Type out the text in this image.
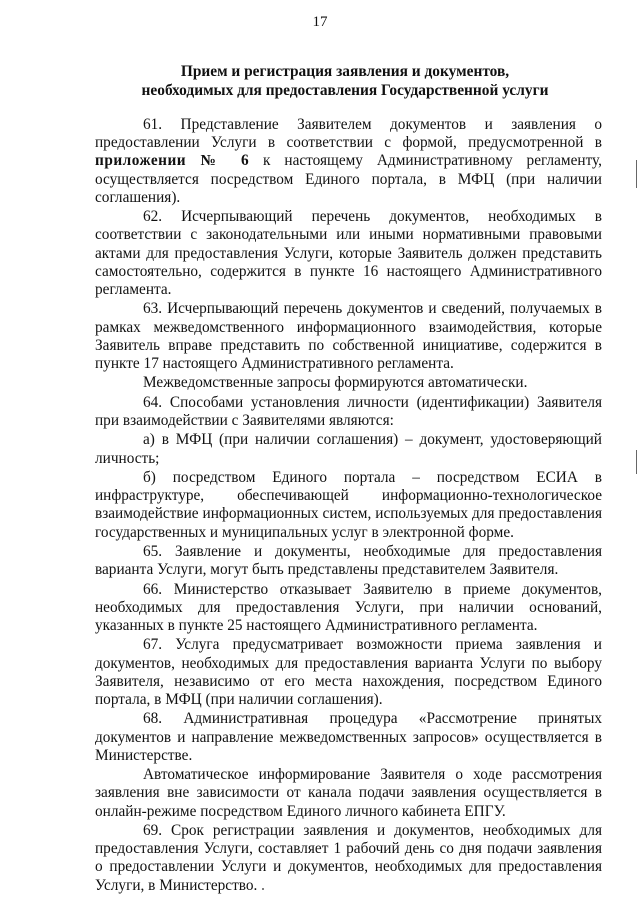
17
Прием и регистрация заявления и документов,
необходимых для предоставления Государственной услуги

61. Представление Заявителем документов и заявления о предоставлении Услуги в соответствии с формой, предусмотренной в приложении № 6 к настоящему Административному регламенту, осуществляется посредством Единого портала, в МФЦ (при наличии соглашения).

62. Исчерпывающий перечень документов, необходимых в соответствии с законодательными или иными нормативными правовыми актами для предоставления Услуги, которые Заявитель должен представить самостоятельно, содержится в пункте 16 настоящего Административного регламента.

63. Исчерпывающий перечень документов и сведений, получаемых в рамках межведомственного информационного взаимодействия, которые Заявитель вправе представить по собственной инициативе, содержится в пункте 17 настоящего Административного регламента.

Межведомственные запросы формируются автоматически.

64. Способами установления личности (идентификации) Заявителя при взаимодействии с Заявителями являются:

а) в МФЦ (при наличии соглашения) – документ, удостоверяющий личность;

б) посредством Единого портала – посредством ЕСИА в инфраструктуре, обеспечивающей информационно-технологическое взаимодействие информационных систем, используемых для предоставления государственных и муниципальных услуг в электронной форме.

65. Заявление и документы, необходимые для предоставления варианта Услуги, могут быть представлены представителем Заявителя.

66. Министерство отказывает Заявителю в приеме документов, необходимых для предоставления Услуги, при наличии оснований, указанных в пункте 25 настоящего Административного регламента.

67. Услуга предусматривает возможности приема заявления и документов, необходимых для предоставления варианта Услуги по выбору Заявителя, независимо от его места нахождения, посредством Единого портала, в МФЦ (при наличии соглашения).

68. Административная процедура «Рассмотрение принятых документов и направление межведомственных запросов» осуществляется в Министерстве.

Автоматическое информирование Заявителя о ходе рассмотрения заявления вне зависимости от канала подачи заявления осуществляется в онлайн-режиме посредством Единого личного кабинета ЕПГУ.

69. Срок регистрации заявления и документов, необходимых для предоставления Услуги, составляет 1 рабочий день со дня подачи заявления о предоставлении Услуги и документов, необходимых для предоставления Услуги, в Министерство.
